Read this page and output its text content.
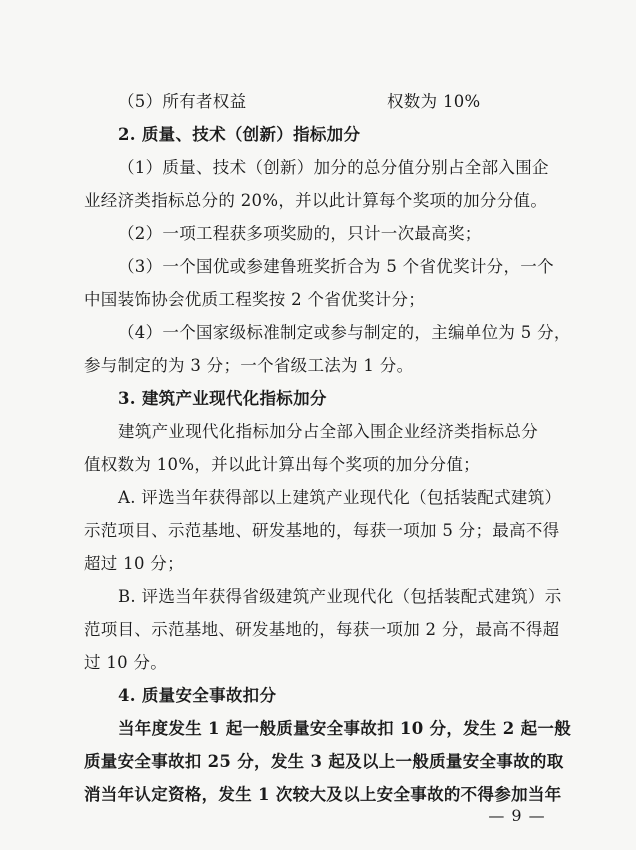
（5）所有者权益	权数为 10%
2. 质量、技术（创新）指标加分
（1）质量、技术（创新）加分的总分值分别占全部入围企
业经济类指标总分的 20%，并以此计算每个奖项的加分分值。
（2）一项工程获多项奖励的，只计一次最高奖；
（3）一个国优或参建鲁班奖折合为 5 个省优奖计分，一个
中国装饰协会优质工程奖按 2 个省优奖计分；
（4）一个国家级标准制定或参与制定的，主编单位为 5 分，
参与制定的为 3 分；一个省级工法为 1 分。
3. 建筑产业现代化指标加分
建筑产业现代化指标加分占全部入围企业经济类指标总分
值权数为 10%，并以此计算出每个奖项的加分分值；
A. 评选当年获得部以上建筑产业现代化（包括装配式建筑）
示范项目、示范基地、研发基地的，每获一项加 5 分；最高不得
超过 10 分；
B. 评选当年获得省级建筑产业现代化（包括装配式建筑）示
范项目、示范基地、研发基地的，每获一项加 2 分，最高不得超
过 10 分。
4. 质量安全事故扣分
当年度发生 1 起一般质量安全事故扣 10 分，发生 2 起一般
质量安全事故扣 25 分，发生 3 起及以上一般质量安全事故的取
消当年认定资格，发生 1 次较大及以上安全事故的不得参加当年
— 9 —
